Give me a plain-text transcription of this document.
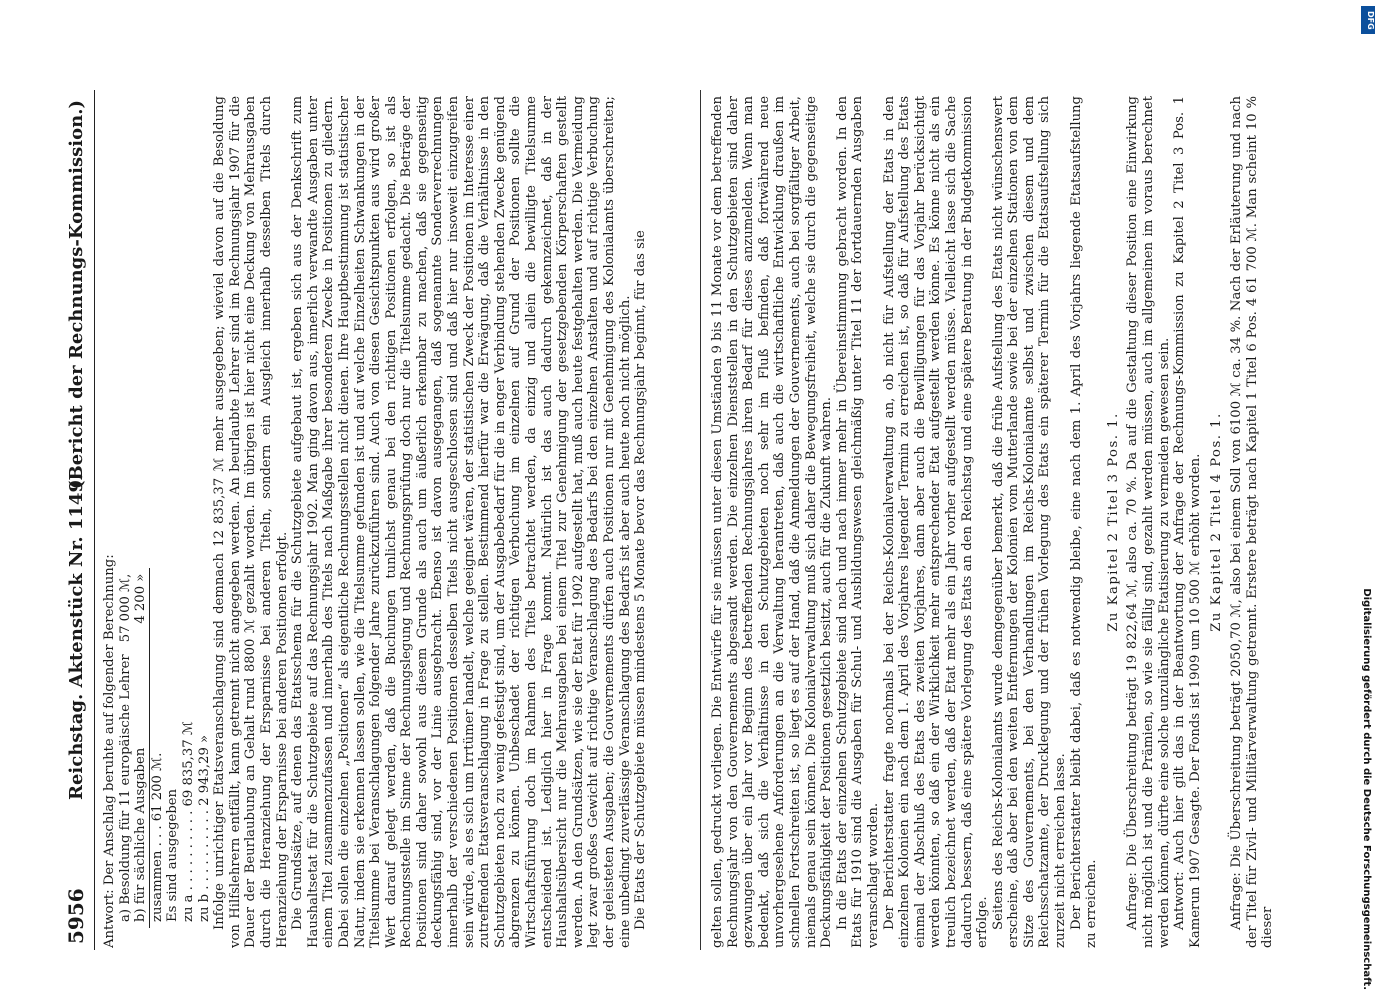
5956
Reichstag. Aktenstück Nr. 1149.
(Bericht der Rechnungs-Kommission.)

Antwort: Der Anschlag beruhte auf folgender Berechnung: a) Besoldung für 11 europäische Lehrer	57 000 ℳ,
b) für sächliche Ausgaben	4 200 »
zusammen . . . 61 200 ℳ.	
Es sind ausgegeben	
zu a . . . . . . . . . . 69 835,37 ℳ	
zu b . . . . . . . . . . 2 943,29 »	Infolge unrichtiger Etatsveranschlagung sind demnach 12 835,37 ℳ mehr ausgegeben; wieviel davon auf die Besoldung von Hilfslehrern entfällt, kann getrennt nicht angegeben werden. An beurlaubte Lehrer sind im Rechnungsjahr 1907 für die Dauer der Beurlaubung an Gehalt rund 8800 ℳ gezahlt worden. Im übrigen ist hier nicht eine Deckung von Mehrausgaben durch die Heranziehung der Ersparnisse bei anderen Titeln, sondern ein Ausgleich innerhalb desselben Titels durch Heranziehung der Ersparnisse bei anderen Positionen erfolgt. Die Grundsätze, auf denen das Etatsschema für die Schutzgebiete aufgebaut ist, ergeben sich aus der Denkschrift zum Haushaltsetat für die Schutzgebiete auf das Rechnungsjahr 1902. Man ging davon aus, innerlich verwandte Ausgaben unter einem Titel zusammenzufassen und innerhalb des Titels nach Maßgabe ihrer besonderen Zwecke in Positionen zu gliedern. Dabei sollen die einzelnen „Positionen“ als eigentliche Rechnungsstellen nicht dienen. Ihre Hauptbestimmung ist statistischer Natur, indem sie erkennen lassen sollen, wie die Titelsumme gefunden ist und auf welche Einzelheiten Schwankungen in der Titelsumme bei Veranschlagungen folgender Jahre zurückzuführen sind. Auch von diesen Gesichtspunkten aus wird großer Wert darauf gelegt werden, daß die Buchungen tunlichst genau bei den richtigen Positionen erfolgen, so ist als Rechnungsstelle im Sinne der Rechnungslegung und Rechnungsprüfung doch nur die Titelsumme gedacht. Die Beträge der Positionen sind daher sowohl aus diesem Grunde als auch um äußerlich erkennbar zu machen, daß sie gegenseitig deckungsfähig sind, vor der Linie ausgebracht. Ebenso ist davon ausgegangen, daß sogenannte Sonderverrechnungen innerhalb der verschiedenen Positionen desselben Titels nicht ausgeschlossen sind und daß hier nur insoweit einzugreifen sein würde, als es sich um Irrtümer handelt, welche geeignet wären, der statistischen Zweck der Positionen im Interesse einer zutreffenden Etatsveranschlagung in Frage zu stellen. Bestimmend hierfür war die Erwägung, daß die Verhältnisse in den Schutzgebieten noch zu wenig gefestigt sind, um der Ausgabebedarf für die in enger Verbindung stehenden Zwecke genügend abgrenzen zu können. Unbeschadet der richtigen Verbuchung im einzelnen auf Grund der Positionen sollte die Wirtschaftsführung doch im Rahmen des Titels betrachtet werden, da einzig und allein die bewilligte Titelsumme entscheidend ist. Lediglich hier in Frage kommt. Natürlich ist das auch dadurch gekennzeichnet, daß in der Haushaltsübersicht nur die Mehrausgaben bei einem Titel zur Genehmigung der gesetzgebenden Körperschaften gestellt werden. An den Grundsätzen, wie sie der Etat für 1902 aufgestellt hat, muß auch heute festgehalten werden. Die Vermeidung legt zwar großes Gewicht auf richtige Veranschlagung des Bedarfs bei den einzelnen Anstalten und auf richtige Verbuchung der geleisteten Ausgaben; die Gouvernements dürfen auch Positionen nur mit Genehmigung des Kolonialamts überschreiten; eine unbedingt zuverlässige Veranschlagung des Bedarfs ist aber auch heute noch nicht möglich. Die Etats der Schutzgebiete müssen mindestens 5 Monate bevor das Rechnungsjahr beginnt, für das sie	gelten sollen, gedruckt vorliegen. Die Entwürfe für sie müssen unter diesen Umständen 9 bis 11 Monate vor dem betreffenden Rechnungsjahr von den Gouvernements abgesandt werden. Die einzelnen Dienststellen in den Schutzgebieten sind daher gezwungen über ein Jahr vor Beginn des betreffenden Rechnungsjahres ihren Bedarf für dieses anzumelden. Wenn man bedenkt, daß sich die Verhältnisse in den Schutzgebieten noch sehr im Fluß befinden, daß fortwährend neue unvorhergesehene Anforderungen an die Verwaltung herantreten, daß auch die wirtschaftliche Entwicklung draußen im schnellen Fortschreiten ist, so liegt es auf der Hand, daß die Anmeldungen der Gouvernements, auch bei sorgfältiger Arbeit, niemals genau sein können. Die Kolonialverwaltung muß sich daher die Bewegungsfreiheit, welche sie durch die gegenseitige Deckungsfähigkeit der Positionen gesetzlich besitzt, auch für die Zukunft wahren. In die Etats der einzelnen Schutzgebiete sind nach und nach immer mehr in Übereinstimmung gebracht worden. In den Etats für 1910 sind die Ausgaben für Schul- und Ausbildungswesen gleichmäßig unter Titel 11 der fortdauernden Ausgaben veranschlagt worden. Der Berichterstatter fragte nochmals bei der Reichs-Kolonialverwaltung an, ob nicht für Aufstellung der Etats in den einzelnen Kolonien ein nach dem 1. April des Vorjahres liegender Termin zu erreichen ist, so daß für Aufstellung des Etats einmal der Abschluß des Etats des zweiten Vorjahres, dann aber auch die Bewilligungen für das Vorjahr berücksichtigt werden könnten, so daß ein der Wirklichkeit mehr entsprechender Etat aufgestellt werden könne. Es könne nicht als ein treulich bezeichnet werden, daß der Etat mehr als ein Jahr vorher aufgestellt werden müsse. Vielleicht lasse sich die Sache dadurch bessern, daß eine spätere Vorlegung des Etats an den Reichstag und eine spätere Beratung in der Budgetkommission erfolge. Seitens des Reichs-Kolonialamts wurde demgegenüber bemerkt, daß die frühe Aufstellung des Etats nicht wünschenswert erscheine, daß aber bei den weiten Entfernungen der Kolonien vom Mutterlande sowie bei der einzelnen Stationen von dem Sitze des Gouvernements, bei den Verhandlungen im Reichs-Kolonialamte selbst und zwischen diesem und dem Reichsschatzamte, der Drucklegung und der frühen Vorlegung des Etats ein späterer Termin für die Etatsaufstellung sich zurzeit nicht erreichen lasse. Der Berichterstatter bleibt dabei, daß es notwendig bleibe, eine nach dem 1. April des Vorjahrs liegende Etatsaufstellung zu erreichen.

Zu Kapitel 2 Titel 3 Pos. 1. Anfrage: Die Überschreitung beträgt 19 822,64 ℳ, also ca. 70 %. Da auf die Gestaltung dieser Position eine Einwirkung nicht möglich ist und die Prämien, so wie sie fällig sind, gezahlt werden müssen, auch im allgemeinen im voraus berechnet werden können, dürfte eine solche unzulängliche Etatisierung zu vermeiden gewesen sein. Antwort: Auch hier gilt das in der Beantwortung der Anfrage der Rechnungs-Kommission zu Kapitel 2 Titel 3 Pos. 1 Kamerun 1907 Gesagte. Der Fonds ist 1909 um 10 500 ℳ erhöht worden. Zu Kapitel 2 Titel 4 Pos. 1. Anfrage: Die Überschreitung beträgt 2050,70 ℳ, also bei einem Soll von 6100 ℳ ca. 34 %. Nach der Erläuterung und nach der Titel für Zivil- und Militärverwaltung getrennt. Erstere beträgt nach Kapitel 1 Titel 6 Pos. 4 61 700 ℳ. Man scheint 10 % dieser	Digitalisierung gefördert durch die Deutsche Forschungsgemeinschaft.
DFG
